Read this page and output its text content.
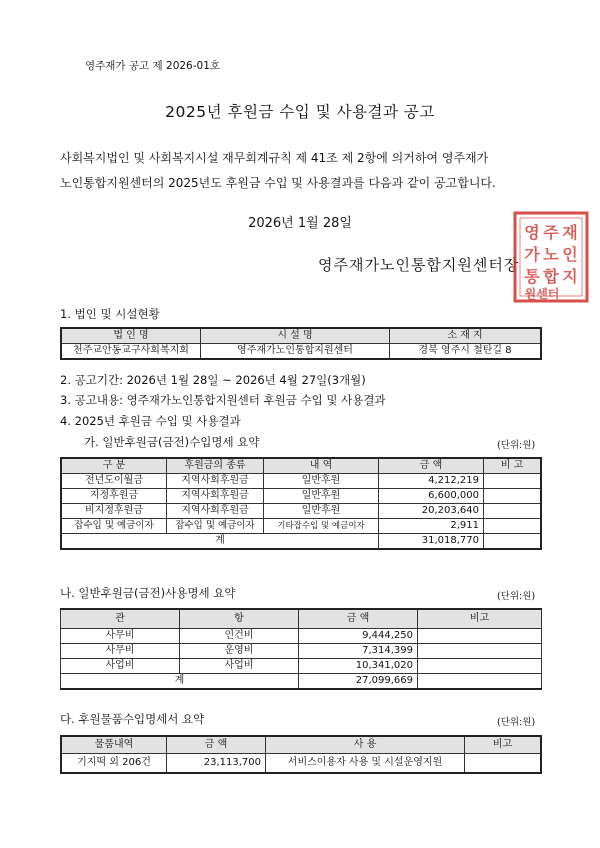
영주재가 공고 제 2026-01호
2025년 후원금 수입 및 사용결과 공고
사회복지법인 및 사회복지시설 재무회계규칙 제 41조 제 2항에 의거하여 영주재가
노인통합지원센터의 2025년도 후원금 수입 및 사용결과를 다음과 같이 공고합니다.
2026년 1월 28일
영주재가노인통합지원센터장
영 주 재
가 노 인
통 합 지
원센터
1. 법인 및 시설현황
법 인 명	시 설 명	소 재 지
천주교안동교구사회복지회	영주재가노인통합지원센터	경북 영주시 철탄길 8
2. 공고기간: 2026년 1월 28일 ~ 2026년 4월 27일(3개월)
3. 공고내용: 영주재가노인통합지원센터 후원금 수입 및 사용결과
4. 2025년 후원금 수입 및 사용결과
가. 일반후원금(금전)수입명세 요약	(단위:원)
구 분	후원금의 종류	내 역	금 액	비 고
전년도이월금	지역사회후원금	일반후원	4,212,219	
지정후원금	지역사회후원금	일반후원	6,600,000	
비지정후원금	지역사회후원금	일반후원	20,203,640	
잡수입 및 예금이자	잡수입 및 예금이자	기타잡수입 및 예금이자	2,911	
계			31,018,770	
나. 일반후원금(금전)사용명세 요약	(단위:원)
관	항	금 액	비고
사무비	인건비	9,444,250	
사무비	운영비	7,314,399	
사업비	사업비	10,341,020	
계		27,099,669	
다. 후원물품수입명세서 요약	(단위:원)
물품내역	금 액	사 용	비고
기지떡 외 206건	23,113,700	서비스이용자 사용 및 시설운영지원	
